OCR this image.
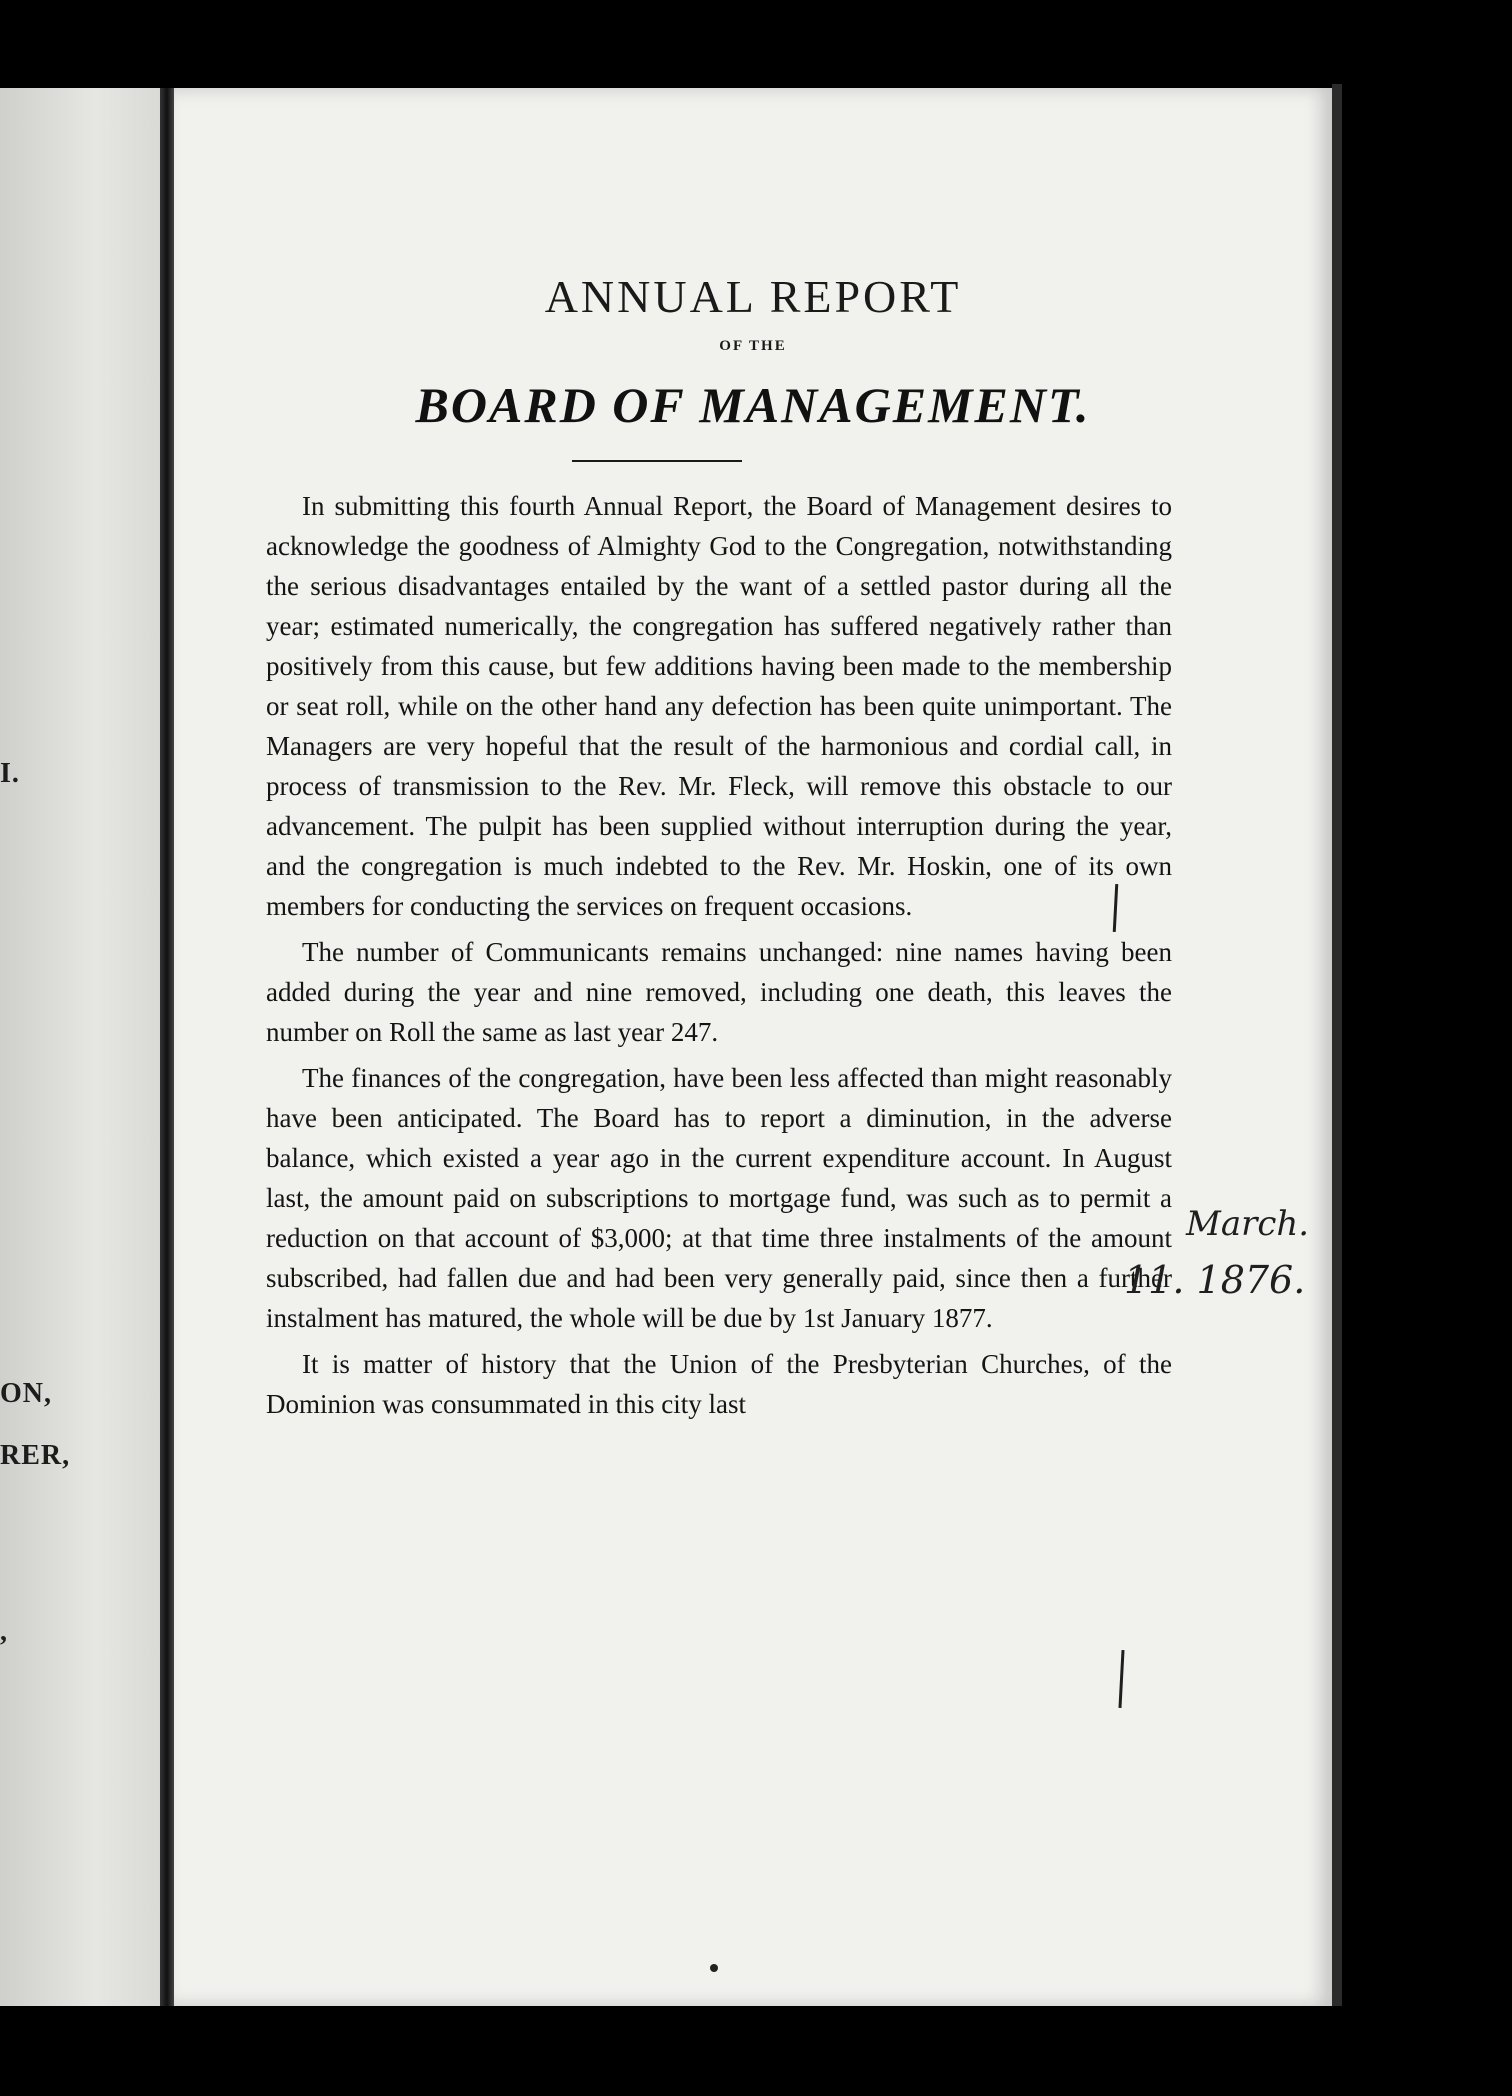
I.
ON,
RER,
,
ANNUAL REPORT
OF THE
BOARD OF MANAGEMENT.

In submitting this fourth Annual Report, the Board of Management desires to acknowledge the goodness of Almighty God to the Congregation, notwithstanding the serious disadvantages entailed by the want of a settled pastor during all the year; estimated numerically, the congregation has suffered negatively rather than positively from this cause, but few additions having been made to the membership or seat roll, while on the other hand any defection has been quite unimportant. The Managers are very hopeful that the result of the harmonious and cordial call, in process of transmission to the Rev. Mr. Fleck, will remove this obstacle to our advancement. The pulpit has been supplied without interruption during the year, and the congregation is much indebted to the Rev. Mr. Hoskin, one of its own members for conducting the services on frequent occasions.

The number of Communicants remains unchanged: nine names having been added during the year and nine removed, including one death, this leaves the number on Roll the same as last year 247.

The finances of the congregation, have been less affected than might reasonably have been anticipated. The Board has to report a diminution, in the adverse balance, which existed a year ago in the current expenditure account. In August last, the amount paid on subscriptions to mortgage fund, was such as to permit a reduction on that account of $3,000; at that time three instalments of the amount subscribed, had fallen due and had been very generally paid, since then a further instalment has matured, the whole will be due by 1st January 1877.

It is matter of history that the Union of the Presbyterian Churches, of the Dominion was consummated in this city last

March.
11. 1876.
